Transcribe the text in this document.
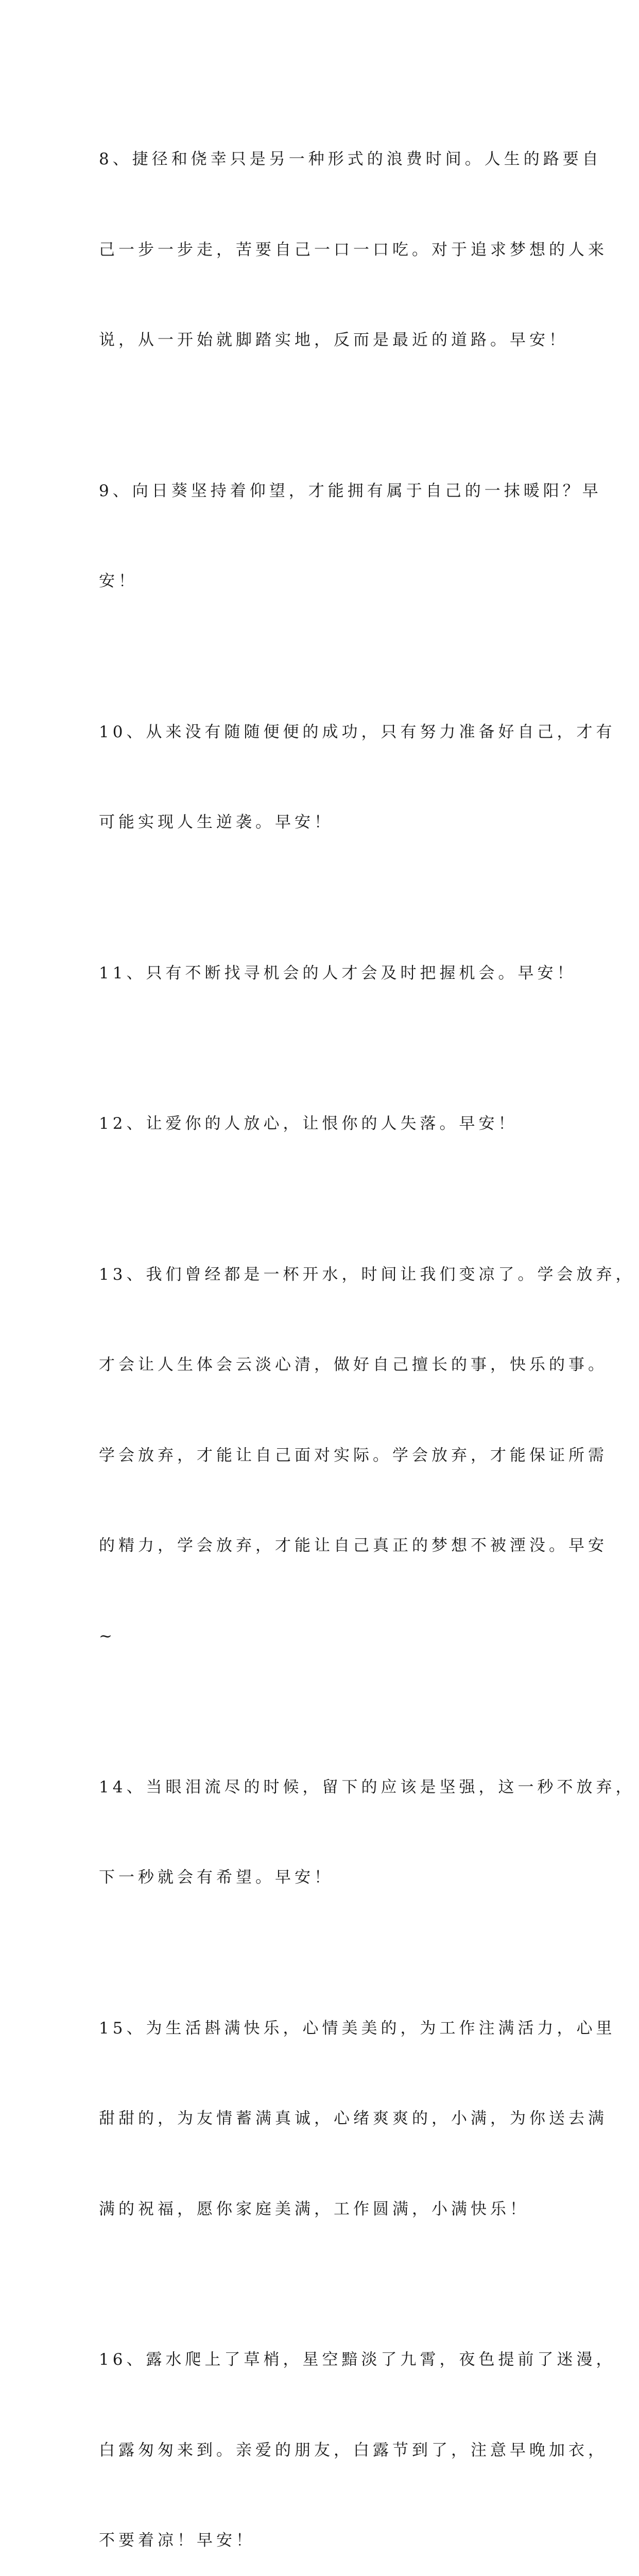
8、捷径和侥幸只是另一种形式的浪费时间。人生的路要自

己一步一步走，苦要自己一口一口吃。对于追求梦想的人来

说，从一开始就脚踏实地，反而是最近的道路。早安！

9、向日葵坚持着仰望，才能拥有属于自己的一抹暖阳？早

安！

10、从来没有随随便便的成功，只有努力准备好自己，才有

可能实现人生逆袭。早安！

11、只有不断找寻机会的人才会及时把握机会。早安！

12、让爱你的人放心，让恨你的人失落。早安！

13、我们曾经都是一杯开水，时间让我们变凉了。学会放弃，

才会让人生体会云淡心清，做好自己擅长的事，快乐的事。

学会放弃，才能让自己面对实际。学会放弃，才能保证所需

的精力，学会放弃，才能让自己真正的梦想不被湮没。早安

~

14、当眼泪流尽的时候，留下的应该是坚强，这一秒不放弃，

下一秒就会有希望。早安！

15、为生活斟满快乐，心情美美的，为工作注满活力，心里

甜甜的，为友情蓄满真诚，心绪爽爽的，小满，为你送去满

满的祝福，愿你家庭美满，工作圆满，小满快乐！

16、露水爬上了草梢，星空黯淡了九霄，夜色提前了迷漫，

白露匆匆来到。亲爱的朋友，白露节到了，注意早晚加衣，

不要着凉！早安！
